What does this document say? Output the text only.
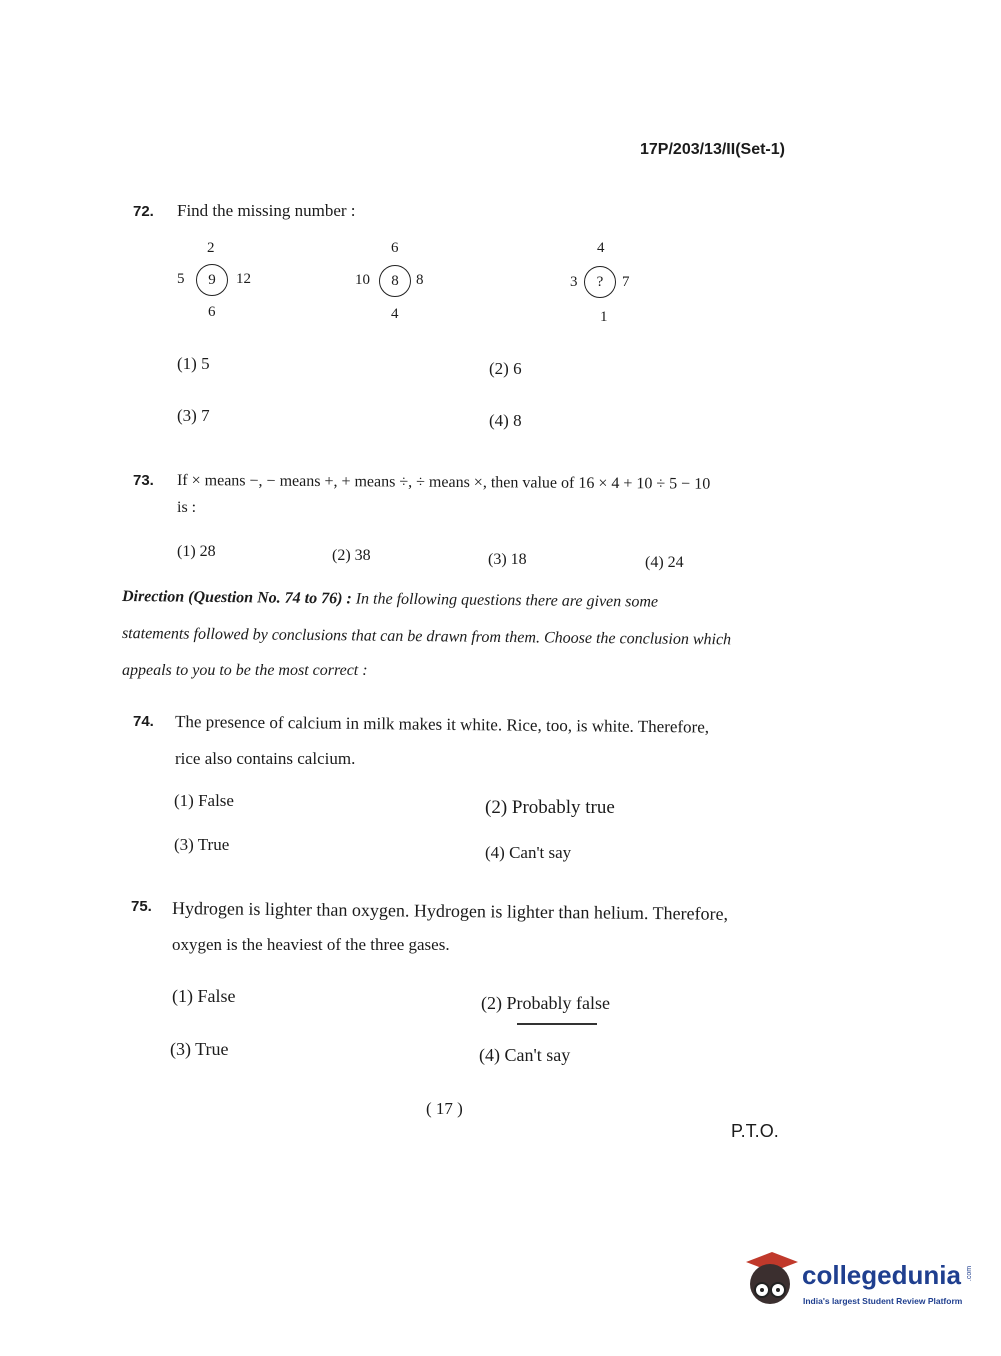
17P/203/13/II(Set-1)
72. Find the missing number :
2
5	9	12
6
6
10	8	8
4
4
3	?	7
1
(1) 5	(2) 6
(3) 7	(4) 8
73. If × means −, − means +, + means ÷, ÷ means ×, then value of 16 × 4 + 10 ÷ 5 − 10
is :
(1) 28	(2) 38	(3) 18	(4) 24
Direction (Question No. 74 to 76) : In the following questions there are given some
statements followed by conclusions that can be drawn from them. Choose the conclusion which
appeals to you to be the most correct :
74. The presence of calcium in milk makes it white. Rice, too, is white. Therefore,
rice also contains calcium.
(1) False	(2) Probably true
(3) True	(4) Can't say
75. Hydrogen is lighter than oxygen. Hydrogen is lighter than helium. Therefore,
oxygen is the heaviest of the three gases.
(1) False	(2) Probably false
(3) True	(4) Can't say
( 17 )
P.T.O.
collegedunia .com
India's largest Student Review Platform
